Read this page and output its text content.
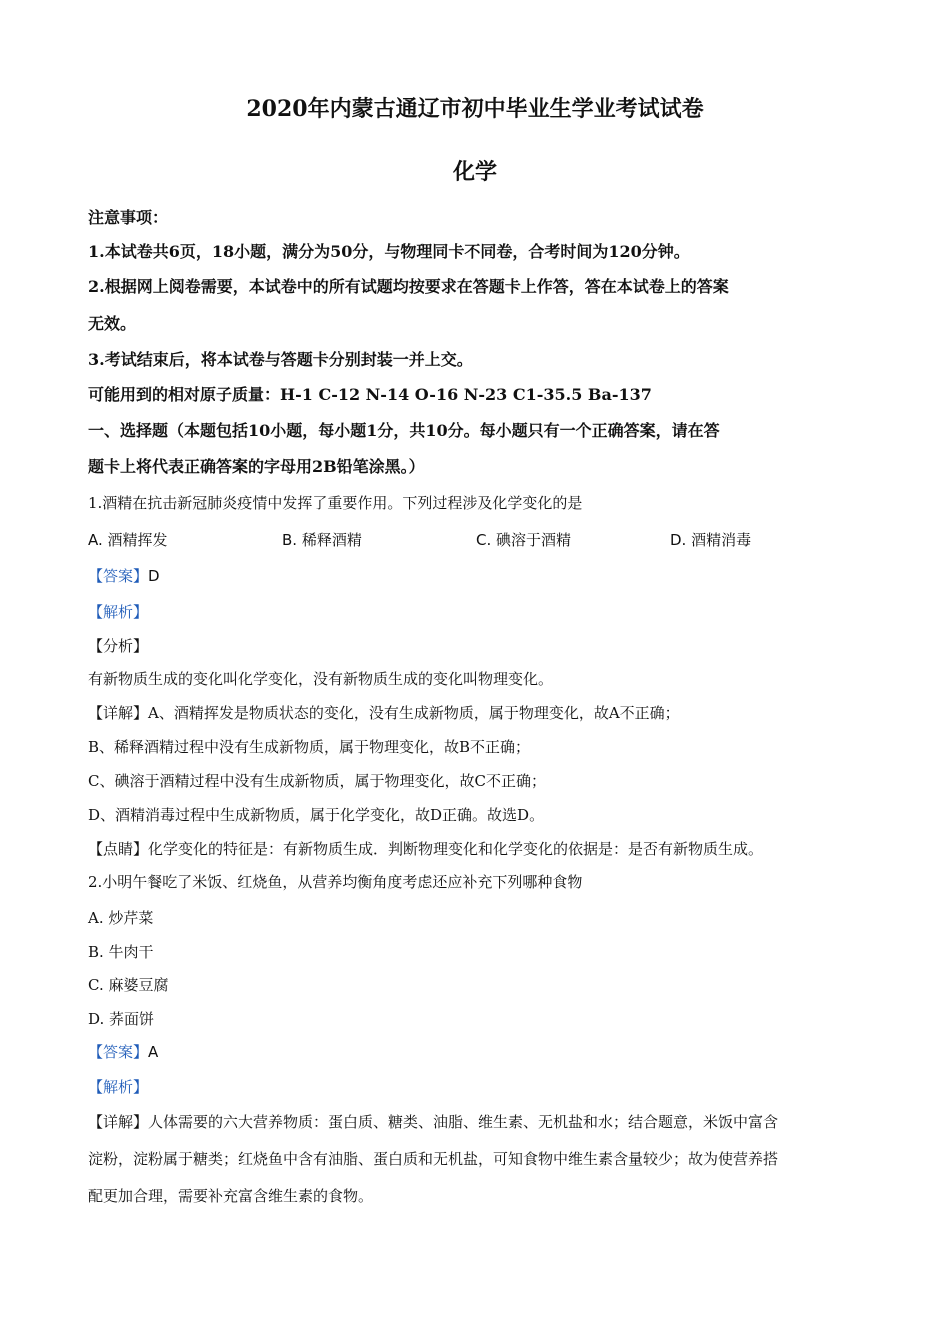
2020年内蒙古通辽市初中毕业生学业考试试卷
化学
注意事项：
1.本试卷共6页，18小题，满分为50分，与物理同卡不同卷，合考时间为120分钟。
2.根据网上阅卷需要，本试卷中的所有试题均按要求在答题卡上作答，答在本试卷上的答案
无效。
3.考试结束后，将本试卷与答题卡分别封装一并上交。
可能用到的相对原子质量：H-1 C-12 N-14 O-16 N-23 C1-35.5 Ba-137
一、选择题（本题包括10小题，每小题1分，共10分。每小题只有一个正确答案，请在答
题卡上将代表正确答案的字母用2B铅笔涂黑。）
1.酒精在抗击新冠肺炎疫情中发挥了重要作用。下列过程涉及化学变化的是
A. 酒精挥发	B. 稀释酒精	C. 碘溶于酒精	D. 酒精消毒
【答案】D
【解析】
【分析】
有新物质生成的变化叫化学变化，没有新物质生成的变化叫物理变化。
【详解】A、酒精挥发是物质状态的变化，没有生成新物质，属于物理变化，故A不正确；
B、稀释酒精过程中没有生成新物质，属于物理变化，故B不正确；
C、碘溶于酒精过程中没有生成新物质，属于物理变化，故C不正确；
D、酒精消毒过程中生成新物质，属于化学变化，故D正确。故选D。
【点睛】化学变化的特征是：有新物质生成．判断物理变化和化学变化的依据是：是否有新物质生成。
2.小明午餐吃了米饭、红烧鱼，从营养均衡角度考虑还应补充下列哪种食物
A. 炒芹菜
B. 牛肉干
C. 麻婆豆腐
D. 荞面饼
【答案】A
【解析】
【详解】人体需要的六大营养物质：蛋白质、糖类、油脂、维生素、无机盐和水；结合题意，米饭中富含
淀粉，淀粉属于糖类；红烧鱼中含有油脂、蛋白质和无机盐，可知食物中维生素含量较少；故为使营养搭
配更加合理，需要补充富含维生素的食物。
